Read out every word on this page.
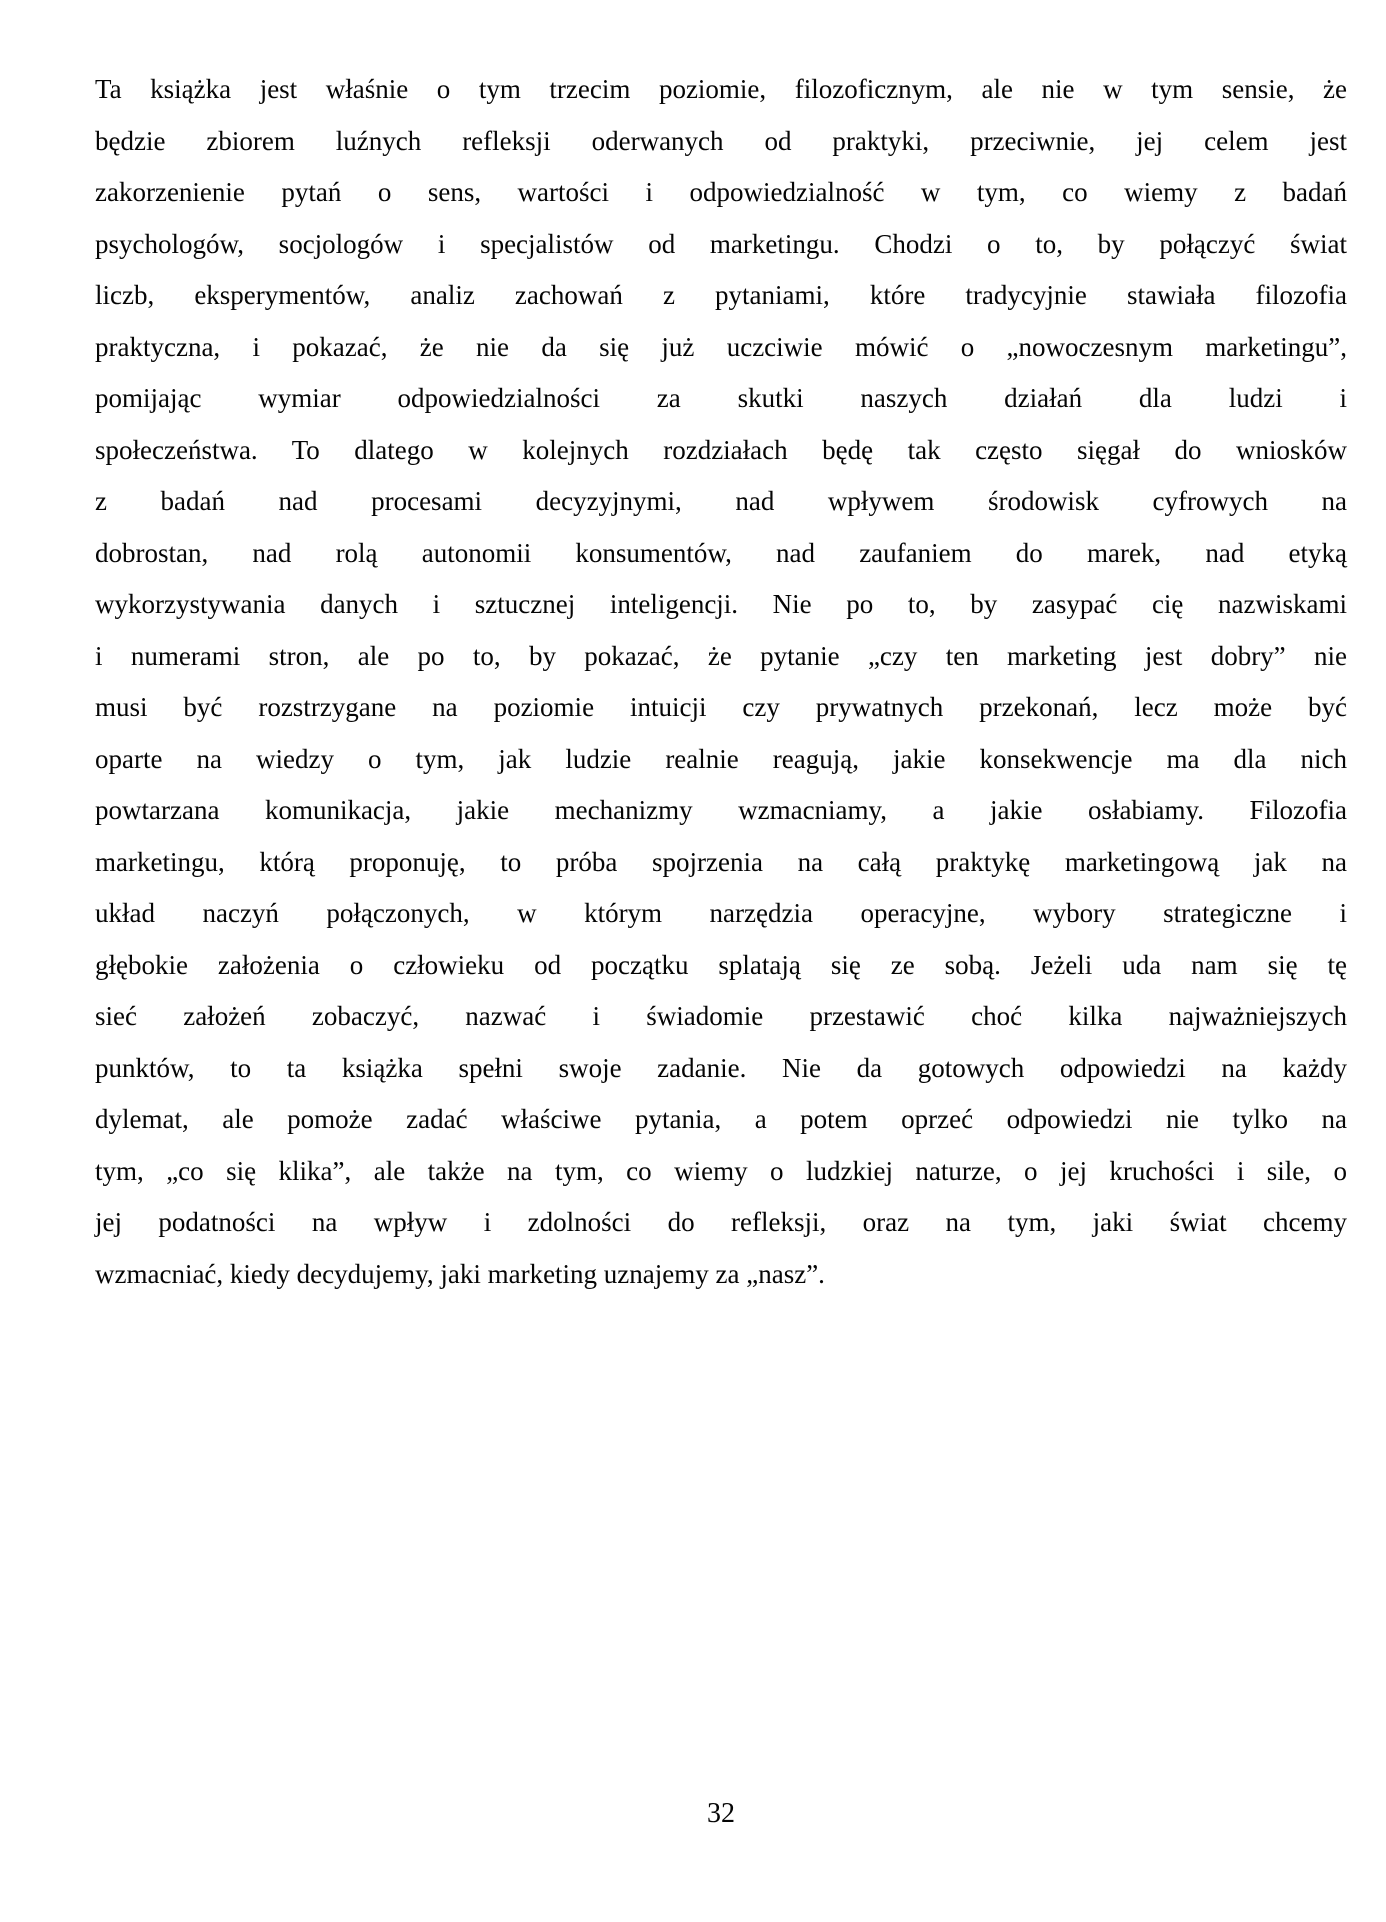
Ta książka jest właśnie o tym trzecim poziomie, filozoficznym, ale nie w tym sensie, że
będzie zbiorem luźnych refleksji oderwanych od praktyki, przeciwnie, jej celem jest
zakorzenienie pytań o sens, wartości i odpowiedzialność w tym, co wiemy z badań
psychologów, socjologów i specjalistów od marketingu. Chodzi o to, by połączyć świat
liczb, eksperymentów, analiz zachowań z pytaniami, które tradycyjnie stawiała filozofia
praktyczna, i pokazać, że nie da się już uczciwie mówić o „nowoczesnym marketingu”,
pomijając wymiar odpowiedzialności za skutki naszych działań dla ludzi i
społeczeństwa. To dlatego w kolejnych rozdziałach będę tak często sięgał do wniosków
z badań nad procesami decyzyjnymi, nad wpływem środowisk cyfrowych na
dobrostan, nad rolą autonomii konsumentów, nad zaufaniem do marek, nad etyką
wykorzystywania danych i sztucznej inteligencji. Nie po to, by zasypać cię nazwiskami
i numerami stron, ale po to, by pokazać, że pytanie „czy ten marketing jest dobry” nie
musi być rozstrzygane na poziomie intuicji czy prywatnych przekonań, lecz może być
oparte na wiedzy o tym, jak ludzie realnie reagują, jakie konsekwencje ma dla nich
powtarzana komunikacja, jakie mechanizmy wzmacniamy, a jakie osłabiamy. Filozofia
marketingu, którą proponuję, to próba spojrzenia na całą praktykę marketingową jak na
układ naczyń połączonych, w którym narzędzia operacyjne, wybory strategiczne i
głębokie założenia o człowieku od początku splatają się ze sobą. Jeżeli uda nam się tę
sieć założeń zobaczyć, nazwać i świadomie przestawić choć kilka najważniejszych
punktów, to ta książka spełni swoje zadanie. Nie da gotowych odpowiedzi na każdy
dylemat, ale pomoże zadać właściwe pytania, a potem oprzeć odpowiedzi nie tylko na
tym, „co się klika”, ale także na tym, co wiemy o ludzkiej naturze, o jej kruchości i sile, o
jej podatności na wpływ i zdolności do refleksji, oraz na tym, jaki świat chcemy
wzmacniać, kiedy decydujemy, jaki marketing uznajemy za „nasz”.
32
